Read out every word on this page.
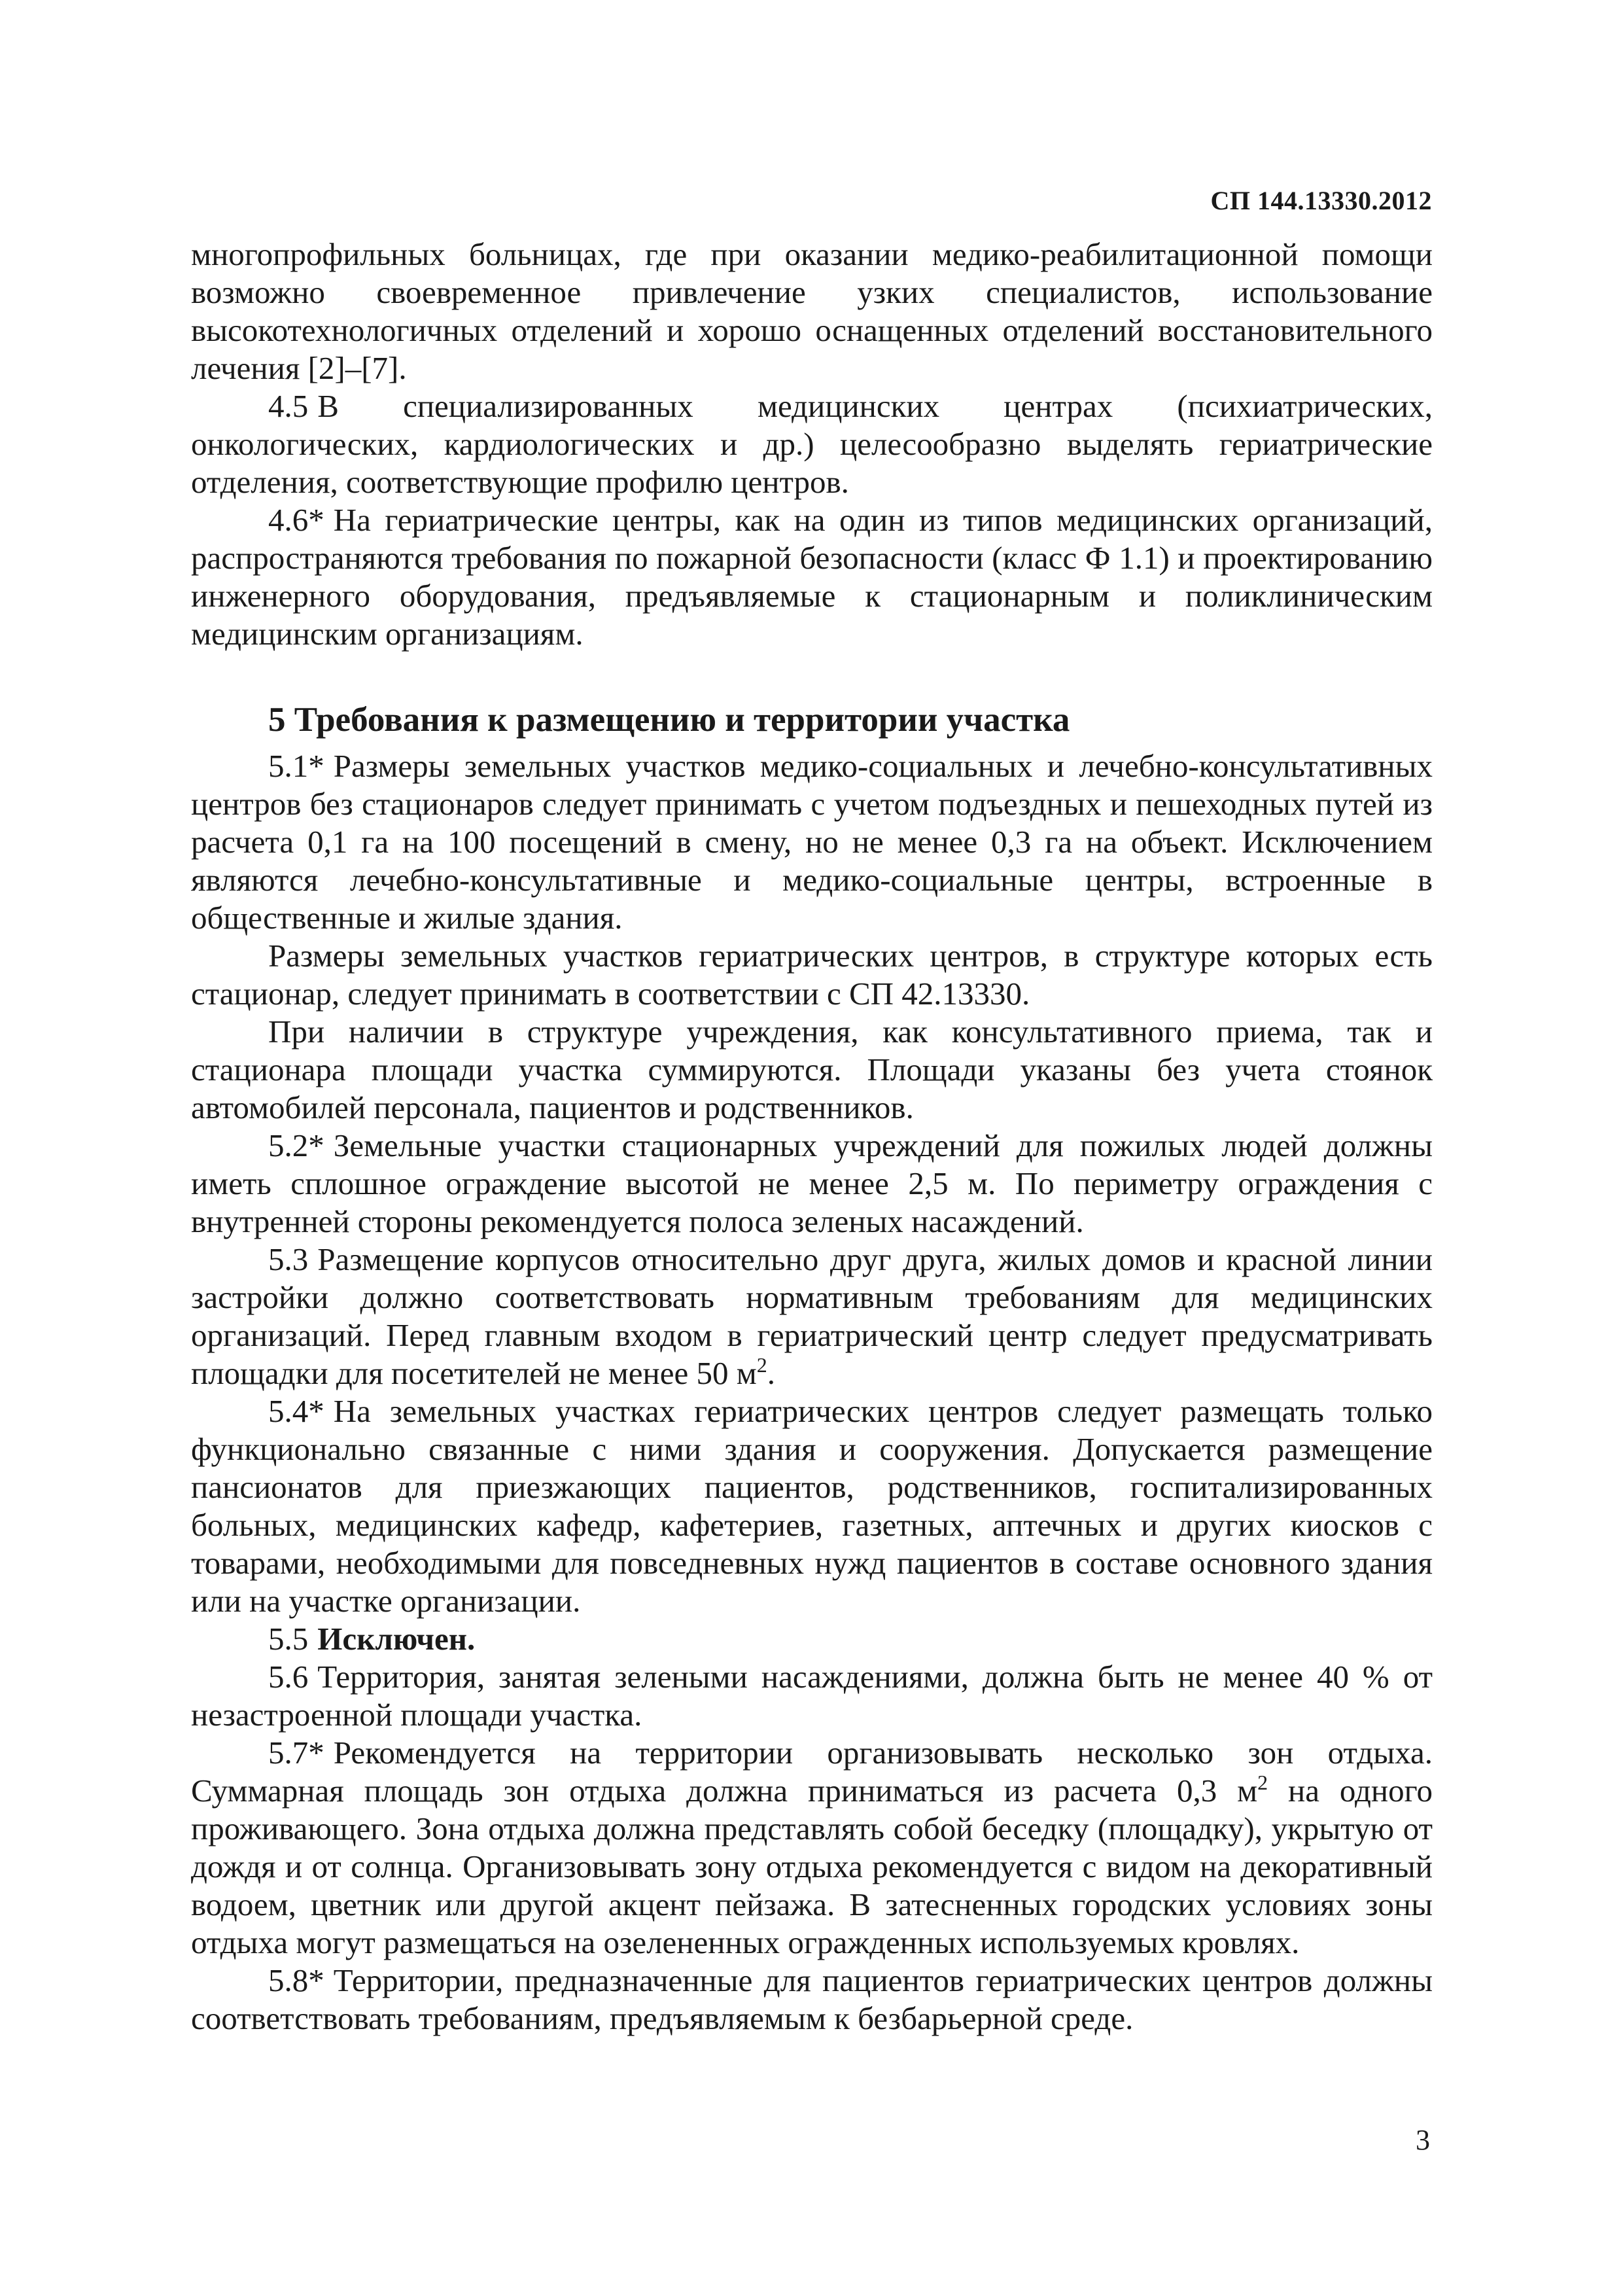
СП 144.13330.2012

многопрофильных больницах, где при оказании медико-реабилитационной помощи возможно своевременное привлечение узких специалистов, использование высокотехнологичных отделений и хорошо оснащенных отделений восстановительного лечения [2]–[7].

4.5 В специализированных медицинских центрах (психиатрических, онкологических, кардиологических и др.) целесообразно выделять гериатрические отделения, соответствующие профилю центров.

4.6* На гериатрические центры, как на один из типов медицинских организаций, распространяются требования по пожарной безопасности (класс Ф 1.1) и проектированию инженерного оборудования, предъявляемые к стационарным и поликлиническим медицинским организациям.

5 Требования к размещению и территории участка

5.1* Размеры земельных участков медико-социальных и лечебно-консультативных центров без стационаров следует принимать с учетом подъездных и пешеходных путей из расчета 0,1 га на 100 посещений в смену, но не менее 0,3 га на объект. Исключением являются лечебно-консультативные и медико-социальные центры, встроенные в общественные и жилые здания.

Размеры земельных участков гериатрических центров, в структуре которых есть стационар, следует принимать в соответствии с СП 42.13330.

При наличии в структуре учреждения, как консультативного приема, так и стационара площади участка суммируются. Площади указаны без учета стоянок автомобилей персонала, пациентов и родственников.

5.2* Земельные участки стационарных учреждений для пожилых людей должны иметь сплошное ограждение высотой не менее 2,5 м. По периметру ограждения с внутренней стороны рекомендуется полоса зеленых насаждений.

5.3 Размещение корпусов относительно друг друга, жилых домов и красной линии застройки должно соответствовать нормативным требованиям для медицинских организаций. Перед главным входом в гериатрический центр следует предусматривать площадки для посетителей не менее 50 $м^2$.

5.4* На земельных участках гериатрических центров следует размещать только функционально связанные с ними здания и сооружения. Допускается размещение пансионатов для приезжающих пациентов, родственников, госпитализированных больных, медицинских кафедр, кафетериев, газетных, аптечных и других киосков с товарами, необходимыми для повседневных нужд пациентов в составе основного здания или на участке организации.

5.5 Исключен.

5.6 Территория, занятая зелеными насаждениями, должна быть не менее 40 % от незастроенной площади участка.

5.7* Рекомендуется на территории организовывать несколько зон отдыха. Суммарная площадь зон отдыха должна приниматься из расчета 0,3 $м^2$ на одного проживающего. Зона отдыха должна представлять собой беседку (площадку), укрытую от дождя и от солнца. Организовывать зону отдыха рекомендуется с видом на декоративный водоем, цветник или другой акцент пейзажа. В затесненных городских условиях зоны отдыха могут размещаться на озелененных огражденных используемых кровлях.

5.8* Территории, предназначенные для пациентов гериатрических центров должны соответствовать требованиям, предъявляемым к безбарьерной среде.

3
